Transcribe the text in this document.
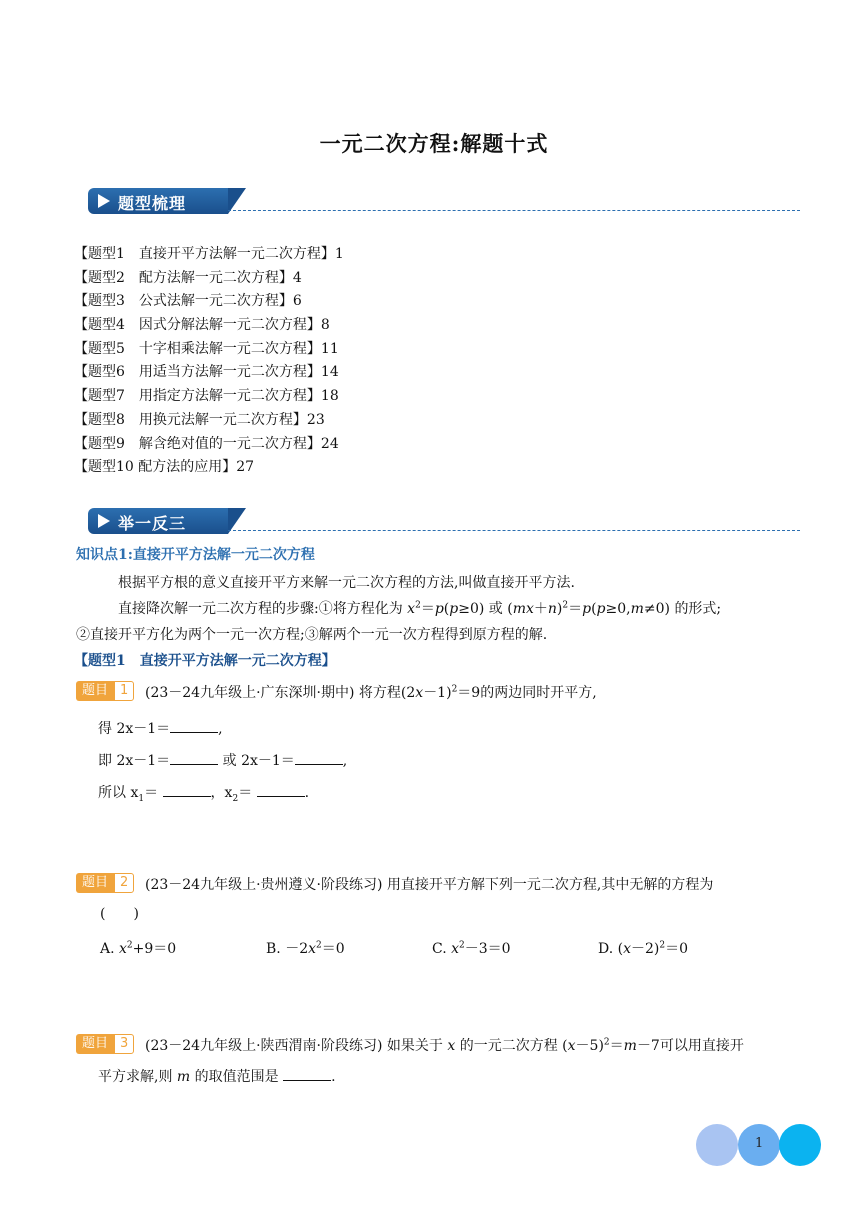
一元二次方程:解题十式
题型梳理
【题型1　直接开平方法解一元二次方程】1
【题型2　配方法解一元二次方程】4
【题型3　公式法解一元二次方程】6
【题型4　因式分解法解一元二次方程】8
【题型5　十字相乘法解一元二次方程】11
【题型6　用适当方法解一元二次方程】14
【题型7　用指定方法解一元二次方程】18
【题型8　用换元法解一元二次方程】23
【题型9　解含绝对值的一元二次方程】24
【题型10 配方法的应用】27
举一反三
知识点1:直接开平方法解一元二次方程
根据平方根的意义直接开平方来解一元二次方程的方法,叫做直接开平方法.
直接降次解一元二次方程的步骤:①将方程化为 $x^2=p(p\ge 0)$ 或 $(mx+n)^2=p(p\ge 0,m\ne 0)$ 的形式;
②直接开平方化为两个一元一次方程;③解两个一元一次方程得到原方程的解.
【题型1　直接开平方法解一元二次方程】
题目 1	(23－24九年级上·广东深圳·期中) 将方程$(2x-1)^2=9$的两边同时开平方,
得 2x－1＝	,
即 2x－1＝	或 2x－1＝	,
所以 $x_1=$	，$x_2=$	.
题目 2	(23－24九年级上·贵州遵义·阶段练习) 用直接开平方解下列一元二次方程,其中无解的方程为
(　　)
A. $x^2+9=0$	B. $-2x^2=0$	C. $x^2-3=0$	D. $(x-2)^2=0$
题目 3	(23－24九年级上·陕西渭南·阶段练习) 如果关于 x 的一元二次方程 $(x-5)^2=m-7$可以用直接开
平方求解,则 m 的取值范围是	.
1
